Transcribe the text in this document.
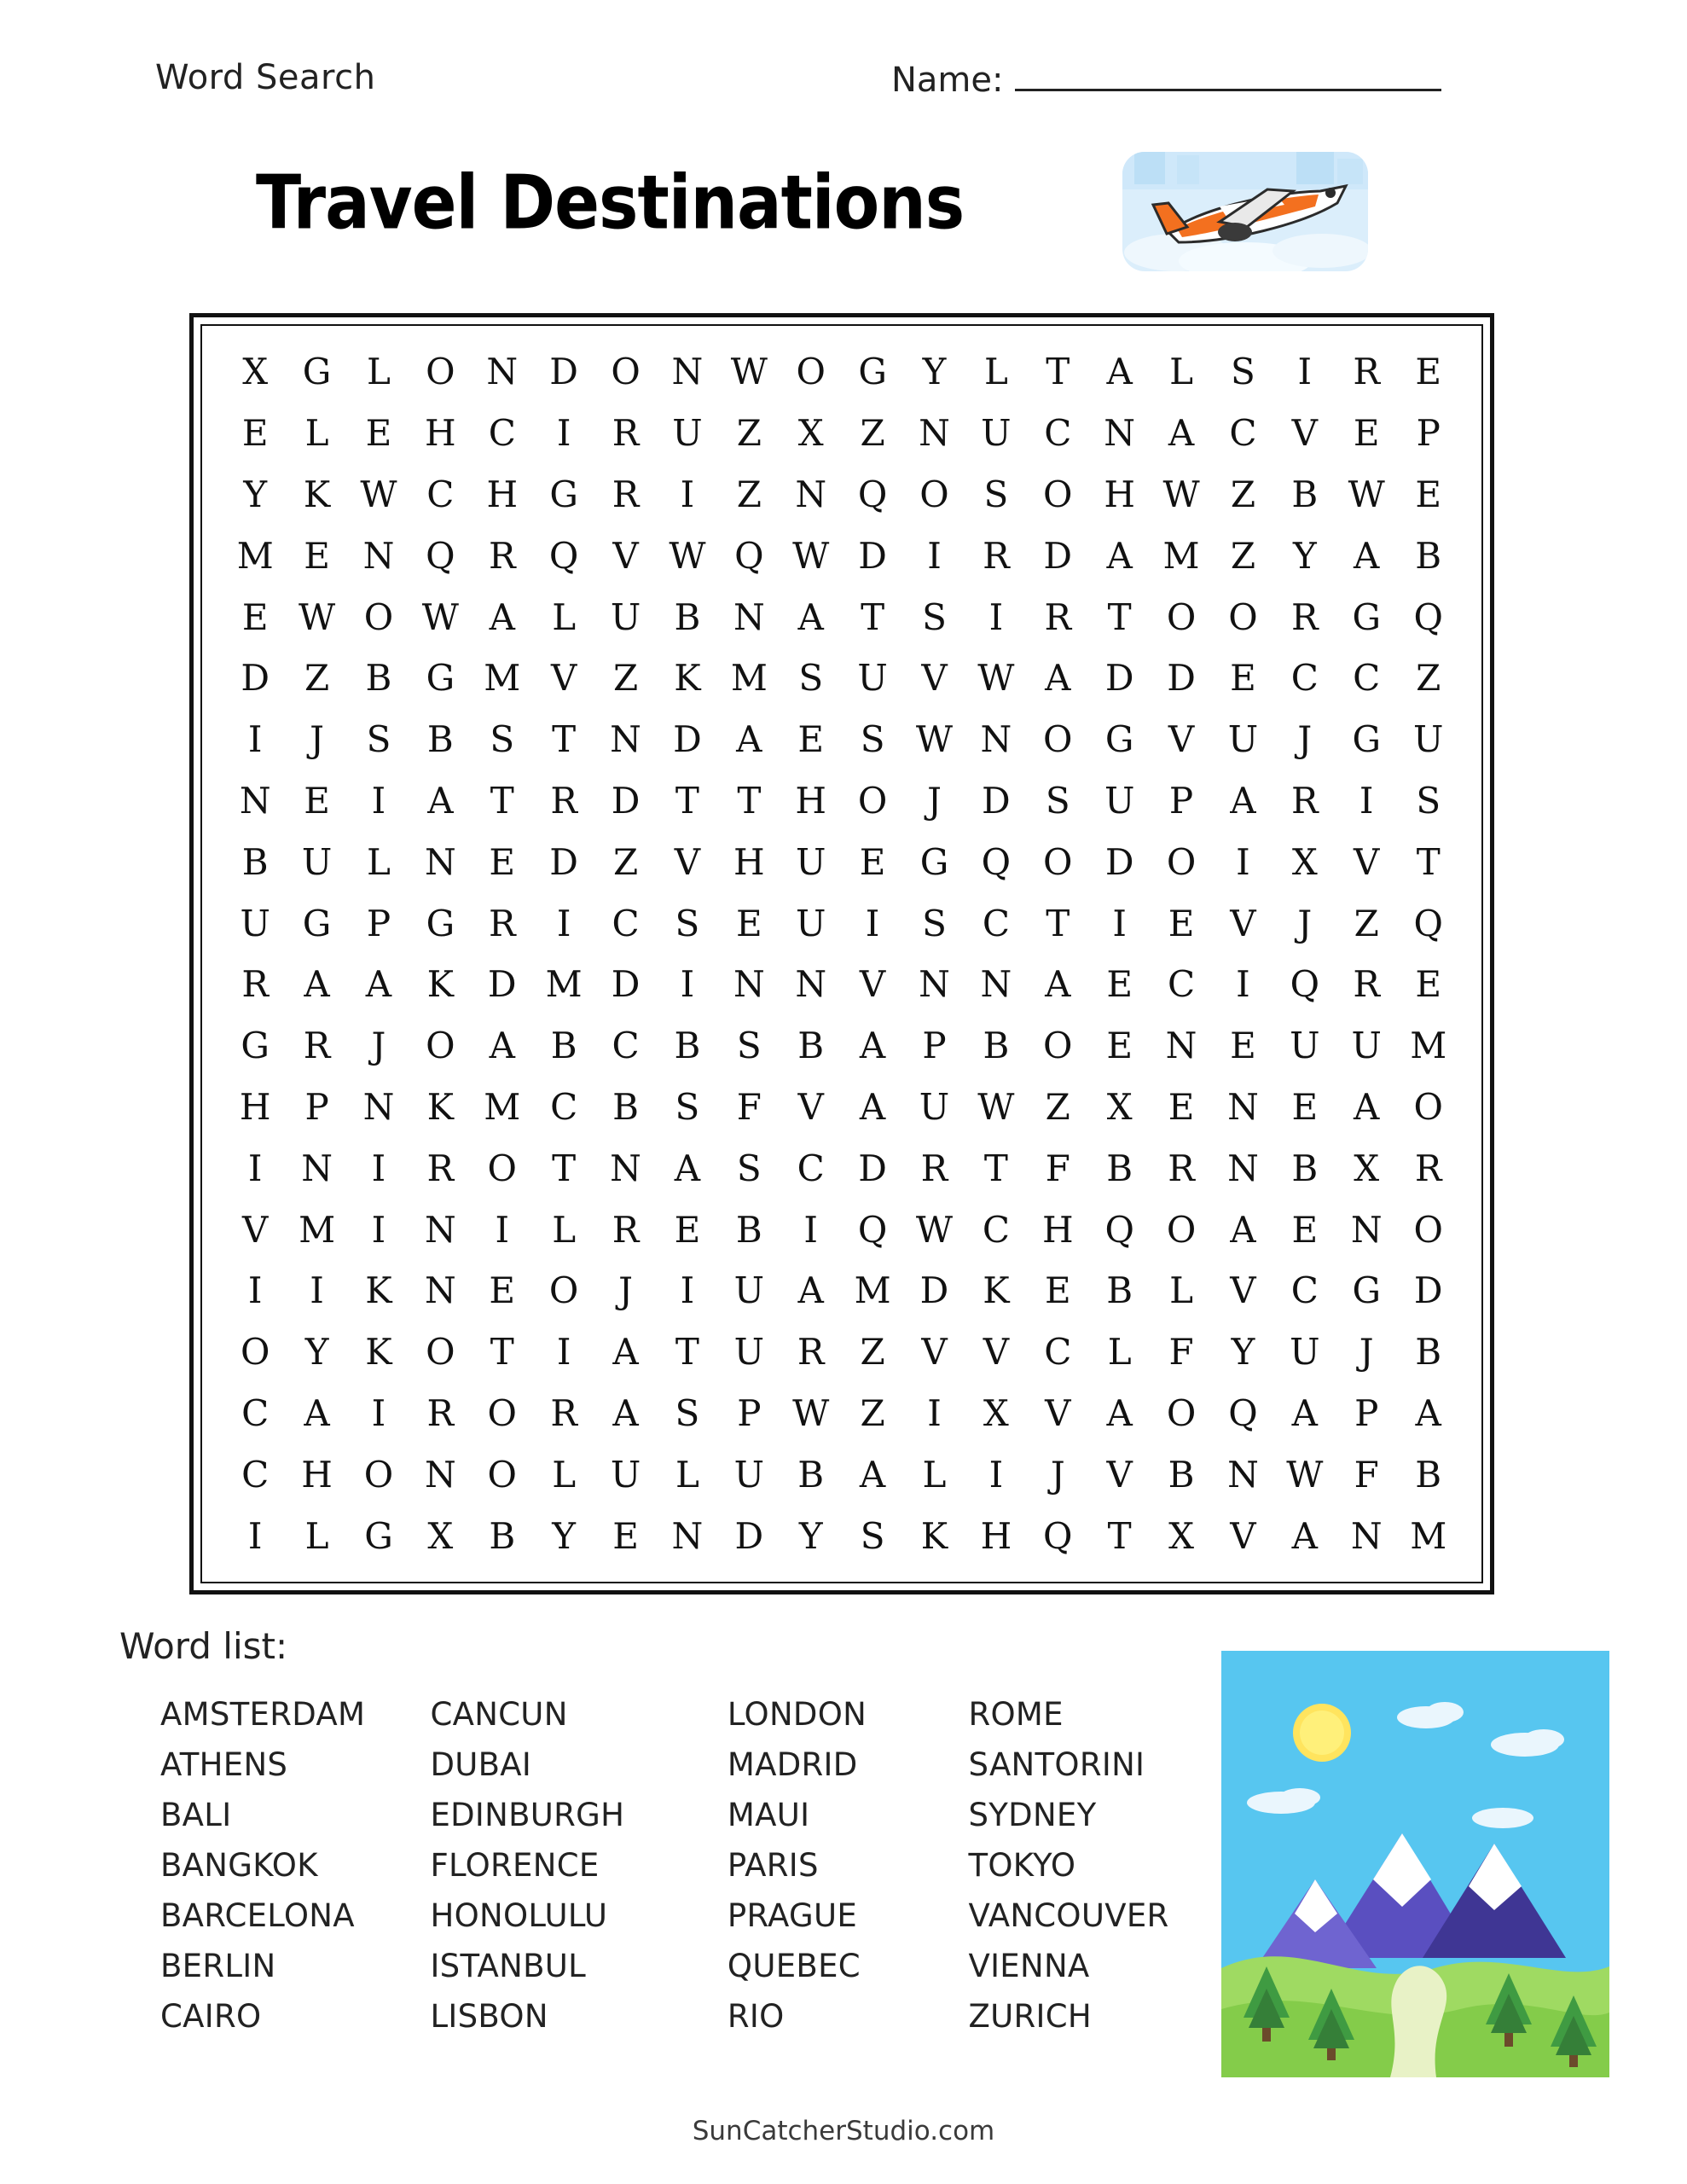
Word Search	Name:
Travel Destinations
X	G	L	O	N	D	O	N	W	O	G	Y	L	T	A	L	S	I	R	E
E	L	E	H	C	I	R	U	Z	X	Z	N	U	C	N	A	C	V	E	P
Y	K	W	C	H	G	R	I	Z	N	Q	O	S	O	H	W	Z	B	W	E
M	E	N	Q	R	Q	V	W	Q	W	D	I	R	D	A	M	Z	Y	A	B
E	W	O	W	A	L	U	B	N	A	T	S	I	R	T	O	O	R	G	Q
D	Z	B	G	M	V	Z	K	M	S	U	V	W	A	D	D	E	C	C	Z
I	J	S	B	S	T	N	D	A	E	S	W	N	O	G	V	U	J	G	U
N	E	I	A	T	R	D	T	T	H	O	J	D	S	U	P	A	R	I	S
B	U	L	N	E	D	Z	V	H	U	E	G	Q	O	D	O	I	X	V	T
U	G	P	G	R	I	C	S	E	U	I	S	C	T	I	E	V	J	Z	Q
R	A	A	K	D	M	D	I	N	N	V	N	N	A	E	C	I	Q	R	E
G	R	J	O	A	B	C	B	S	B	A	P	B	O	E	N	E	U	U	M
H	P	N	K	M	C	B	S	F	V	A	U	W	Z	X	E	N	E	A	O
I	N	I	R	O	T	N	A	S	C	D	R	T	F	B	R	N	B	X	R
V	M	I	N	I	L	R	E	B	I	Q	W	C	H	Q	O	A	E	N	O
I	I	K	N	E	O	J	I	U	A	M	D	K	E	B	L	V	C	G	D
O	Y	K	O	T	I	A	T	U	R	Z	V	V	C	L	F	Y	U	J	B
C	A	I	R	O	R	A	S	P	W	Z	I	X	V	A	O	Q	A	P	A
C	H	O	N	O	L	U	L	U	B	A	L	I	J	V	B	N	W	F	B
I	L	G	X	B	Y	E	N	D	Y	S	K	H	Q	T	X	V	A	N	M
Word list:
AMSTERDAM
ATHENS
BALI
BANGKOK
BARCELONA
BERLIN
CAIRO
CANCUN
DUBAI
EDINBURGH
FLORENCE
HONOLULU
ISTANBUL
LISBON
LONDON
MADRID
MAUI
PARIS
PRAGUE
QUEBEC
RIO
ROME
SANTORINI
SYDNEY
TOKYO
VANCOUVER
VIENNA
ZURICH
SunCatcherStudio.com
